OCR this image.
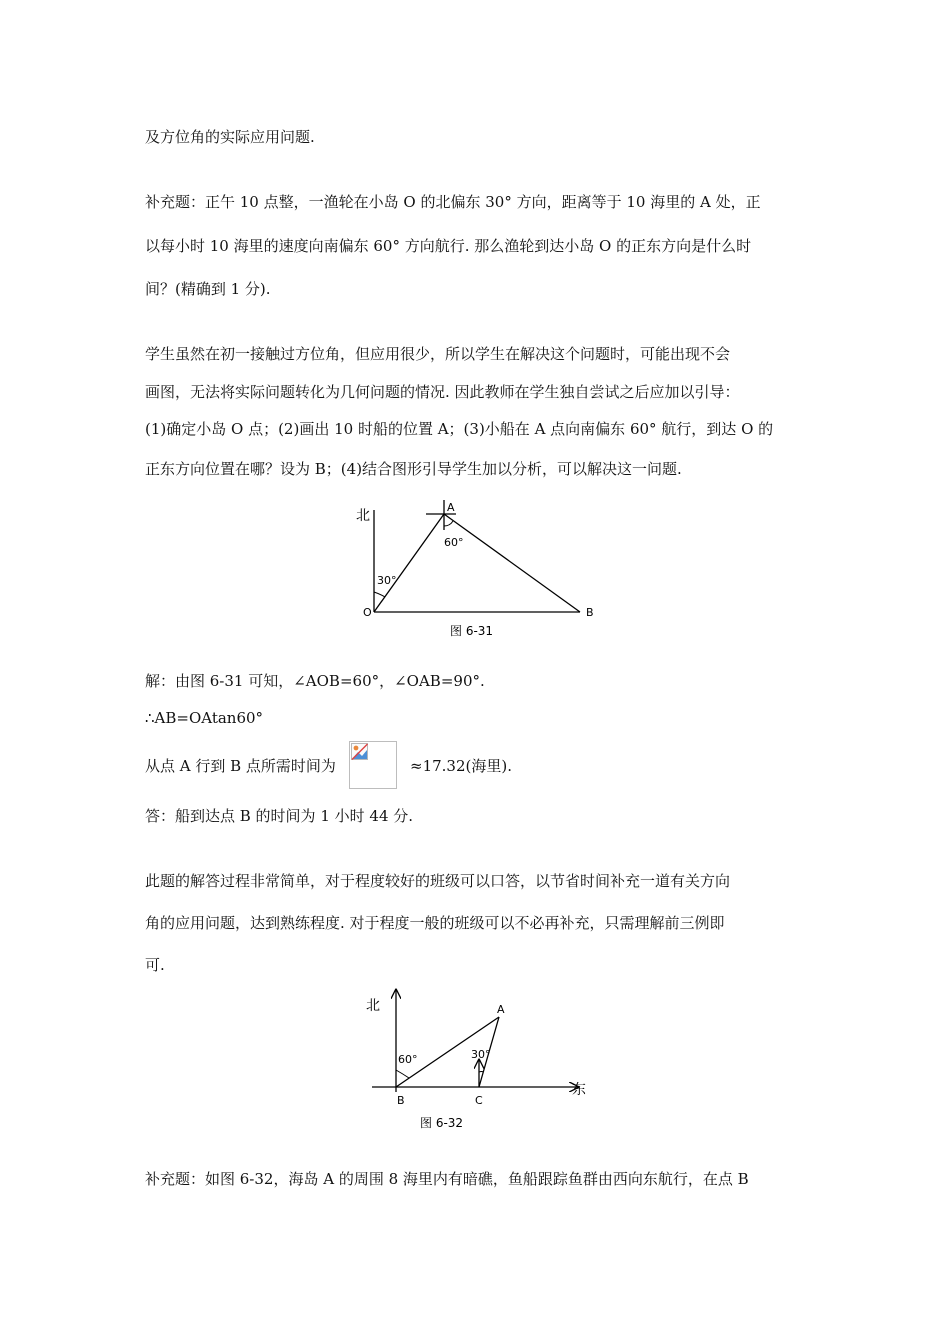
及方位角的实际应用问题.
补充题：正午 10 点整，一渔轮在小岛 O 的北偏东 30° 方向，距离等于 10 海里的 A 处，正
以每小时 10 海里的速度向南偏东 60° 方向航行. 那么渔轮到达小岛 O 的正东方向是什么时
间？(精确到 1 分).
学生虽然在初一接触过方位角，但应用很少，所以学生在解决这个问题时，可能出现不会
画图，无法将实际问题转化为几何问题的情况. 因此教师在学生独自尝试之后应加以引导：
(1)确定小岛 O 点；(2)画出 10 时船的位置 A；(3)小船在 A 点向南偏东 60° 航行，到达 O 的
正东方向位置在哪？设为 B；(4)结合图形引导学生加以分析，可以解决这一问题.
北
A
60°
30°
O	B
图 6-31
解：由图 6-31 可知，∠AOB=60°，∠OAB=90°.
∴AB=OAtan60°
从点 A 行到 B 点所需时间为	≈17.32(海里).
答：船到达点 B 的时间为 1 小时 44 分.
此题的解答过程非常简单，对于程度较好的班级可以口答，以节省时间补充一道有关方向
角的应用问题，达到熟练程度. 对于程度一般的班级可以不必再补充，只需理解前三例即
可.
北	A
60°	30°
B	C
东
图 6-32
补充题：如图 6-32，海岛 A 的周围 8 海里内有暗礁，鱼船跟踪鱼群由西向东航行，在点 B
